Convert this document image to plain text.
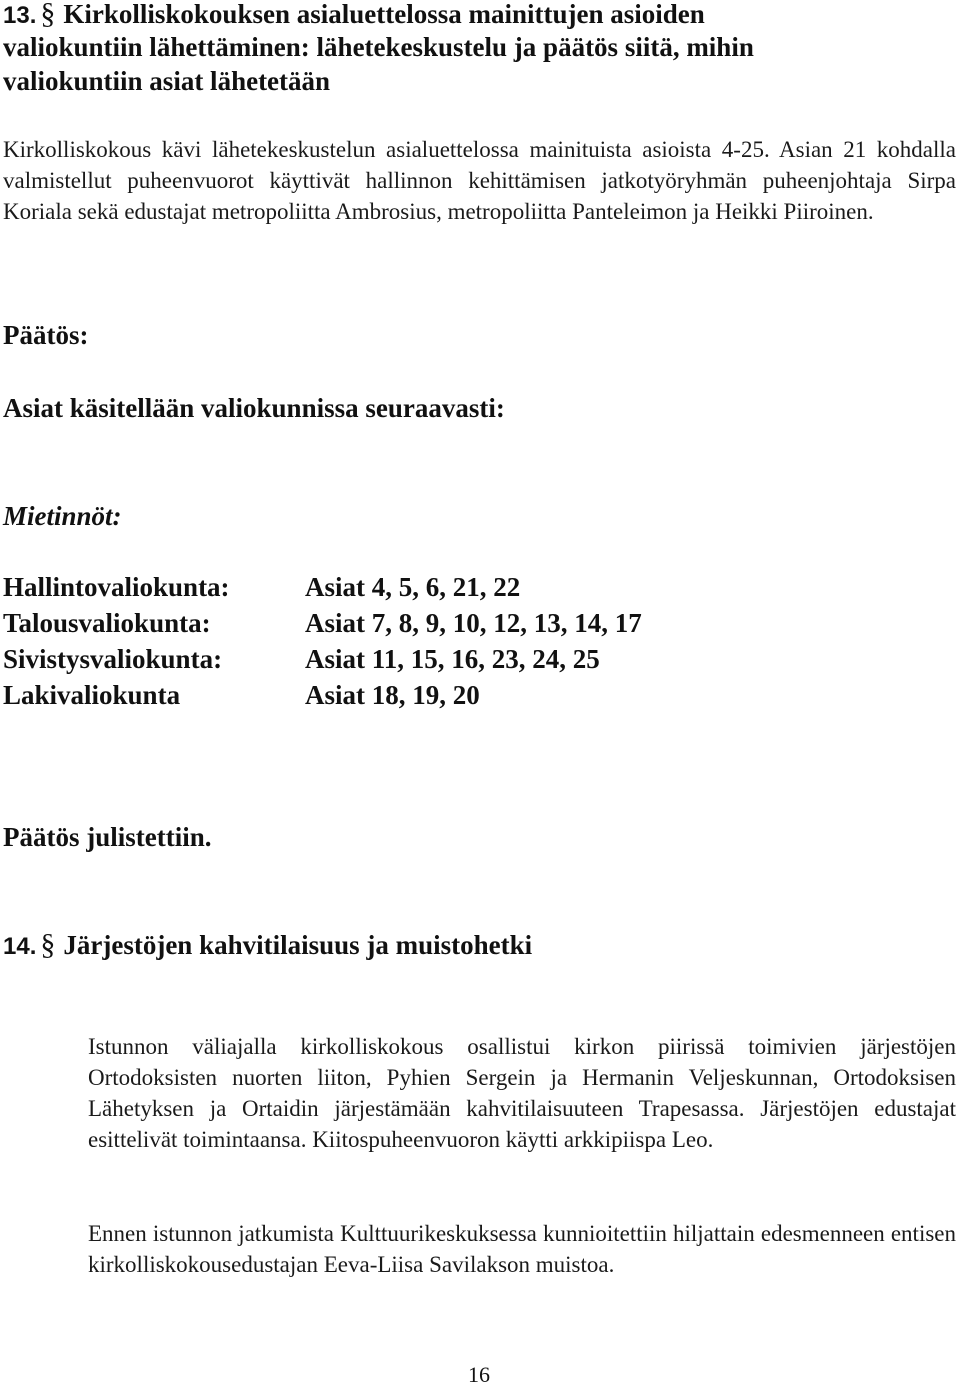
13. § Kirkolliskokouksen asialuettelossa mainittujen asioiden
valiokuntiin lähettäminen: lähetekeskustelu ja päätös siitä, mihin
valiokuntiin asiat lähetetään
Kirkolliskokous kävi lähetekeskustelun asialuettelossa mainituista asioista 4-25. Asian 21 kohdalla valmistellut puheenvuorot käyttivät hallinnon kehittämisen jatkotyöryhmän puheenjohtaja Sirpa Koriala sekä edustajat metropoliitta Ambrosius, metropoliitta Panteleimon ja Heikki Piiroinen.
Päätös:
Asiat käsitellään valiokunnissa seuraavasti:
Mietinnöt:
Hallintovaliokunta:	Asiat 4, 5, 6, 21, 22
Talousvaliokunta:	Asiat 7, 8, 9, 10, 12, 13, 14, 17
Sivistysvaliokunta:	Asiat 11, 15, 16, 23, 24, 25
Lakivaliokunta	Asiat 18, 19, 20
Päätös julistettiin.
14. § Järjestöjen kahvitilaisuus ja muistohetki
Istunnon väliajalla kirkolliskokous osallistui kirkon piirissä toimivien järjestöjen Ortodoksisten nuorten liiton, Pyhien Sergein ja Hermanin Veljeskunnan, Ortodoksisen Lähetyksen ja Ortaidin järjestämään kahvitilaisuuteen Trapesassa. Järjestöjen edustajat esittelivät toimintaansa. Kiitospuheenvuoron käytti arkkipiispa Leo.
Ennen istunnon jatkumista Kulttuurikeskuksessa kunnioitettiin hiljattain edesmenneen entisen kirkolliskokousedustajan Eeva-Liisa Savilakson muistoa.
16
